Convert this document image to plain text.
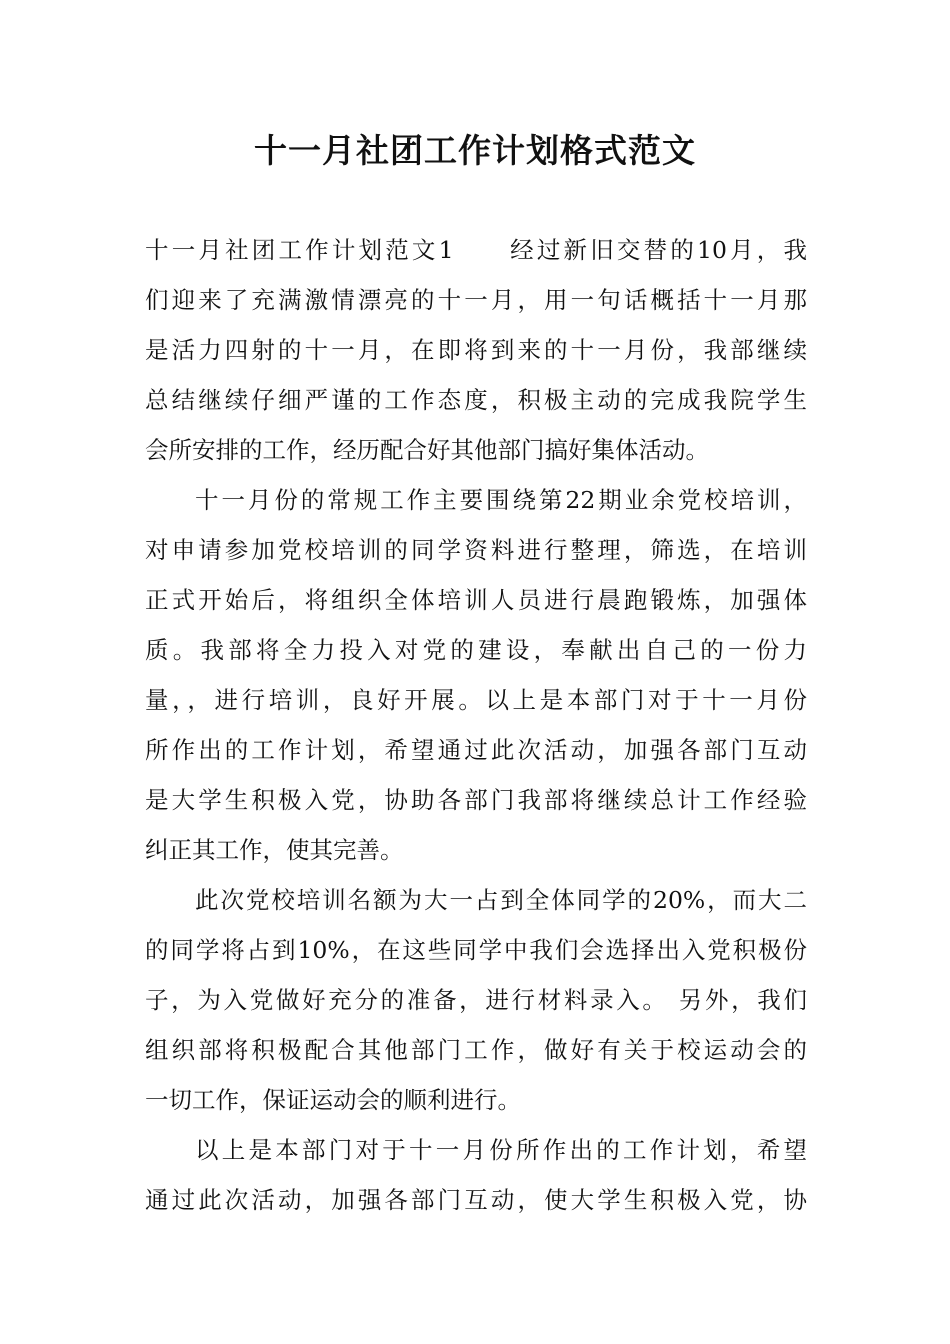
十一月社团工作计划格式范文
十一月社团工作计划范文1　　经过新旧交替的10月，我
们迎来了充满激情漂亮的十一月，用一句话概括十一月那
是活力四射的十一月，在即将到来的十一月份，我部继续
总结继续仔细严谨的工作态度，积极主动的完成我院学生
会所安排的工作，经历配合好其他部门搞好集体活动。
十一月份的常规工作主要围绕第22期业余党校培训，
对申请参加党校培训的同学资料进行整理，筛选，在培训
正式开始后，将组织全体培训人员进行晨跑锻炼，加强体
质。我部将全力投入对党的建设，奉献出自己的一份力
量，，进行培训，良好开展。以上是本部门对于十一月份
所作出的工作计划，希望通过此次活动，加强各部门互动
是大学生积极入党，协助各部门我部将继续总计工作经验
纠正其工作，使其完善。
此次党校培训名额为大一占到全体同学的20%，而大二
的同学将占到10%，在这些同学中我们会选择出入党积极份
子，为入党做好充分的准备，进行材料录入。 另外，我们
组织部将积极配合其他部门工作，做好有关于校运动会的
一切工作，保证运动会的顺利进行。
以上是本部门对于十一月份所作出的工作计划，希望
通过此次活动，加强各部门互动，使大学生积极入党，协
